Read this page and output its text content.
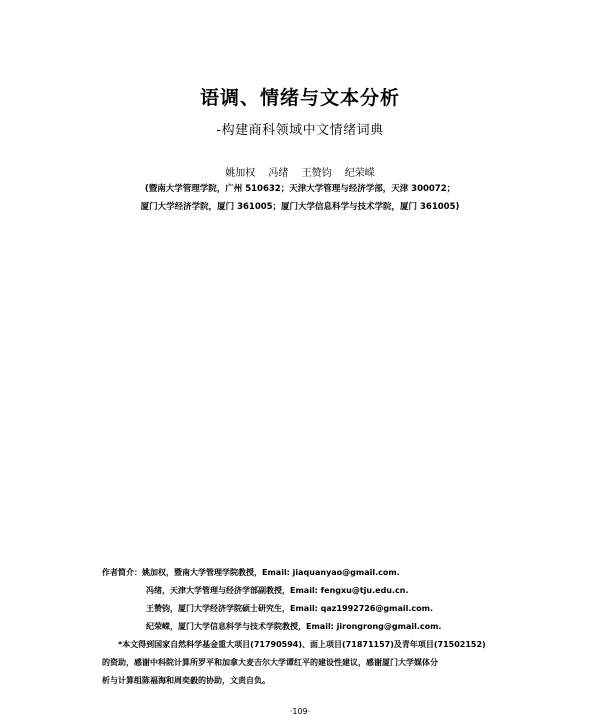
语调、情绪与文本分析
-构建商科领域中文情绪词典
姚加权 冯绪 王赞钧 纪荣嵘
(暨南大学管理学院，广州 510632；天津大学管理与经济学部，天津 300072；
厦门大学经济学院，厦门 361005；厦门大学信息科学与技术学院，厦门 361005)
作者简介：姚加权，暨南大学管理学院教授，Email: jiaquanyao@gmail.com.
冯绪，天津大学管理与经济学部副教授，Email: fengxu@tju.edu.cn.
王赞钧，厦门大学经济学院硕士研究生，Email: qaz1992726@gmail.com.
纪荣嵘，厦门大学信息科学与技术学院教授，Email: jirongrong@gmail.com.
*本文得到国家自然科学基金重大项目(71790594)、面上项目(71871157)及青年项目(71502152)
的资助，感谢中科院计算所罗平和加拿大麦吉尔大学谭红平的建设性建议，感谢厦门大学媒体分
析与计算组陈福海和周奕毅的协助，文责自负。
·109·
